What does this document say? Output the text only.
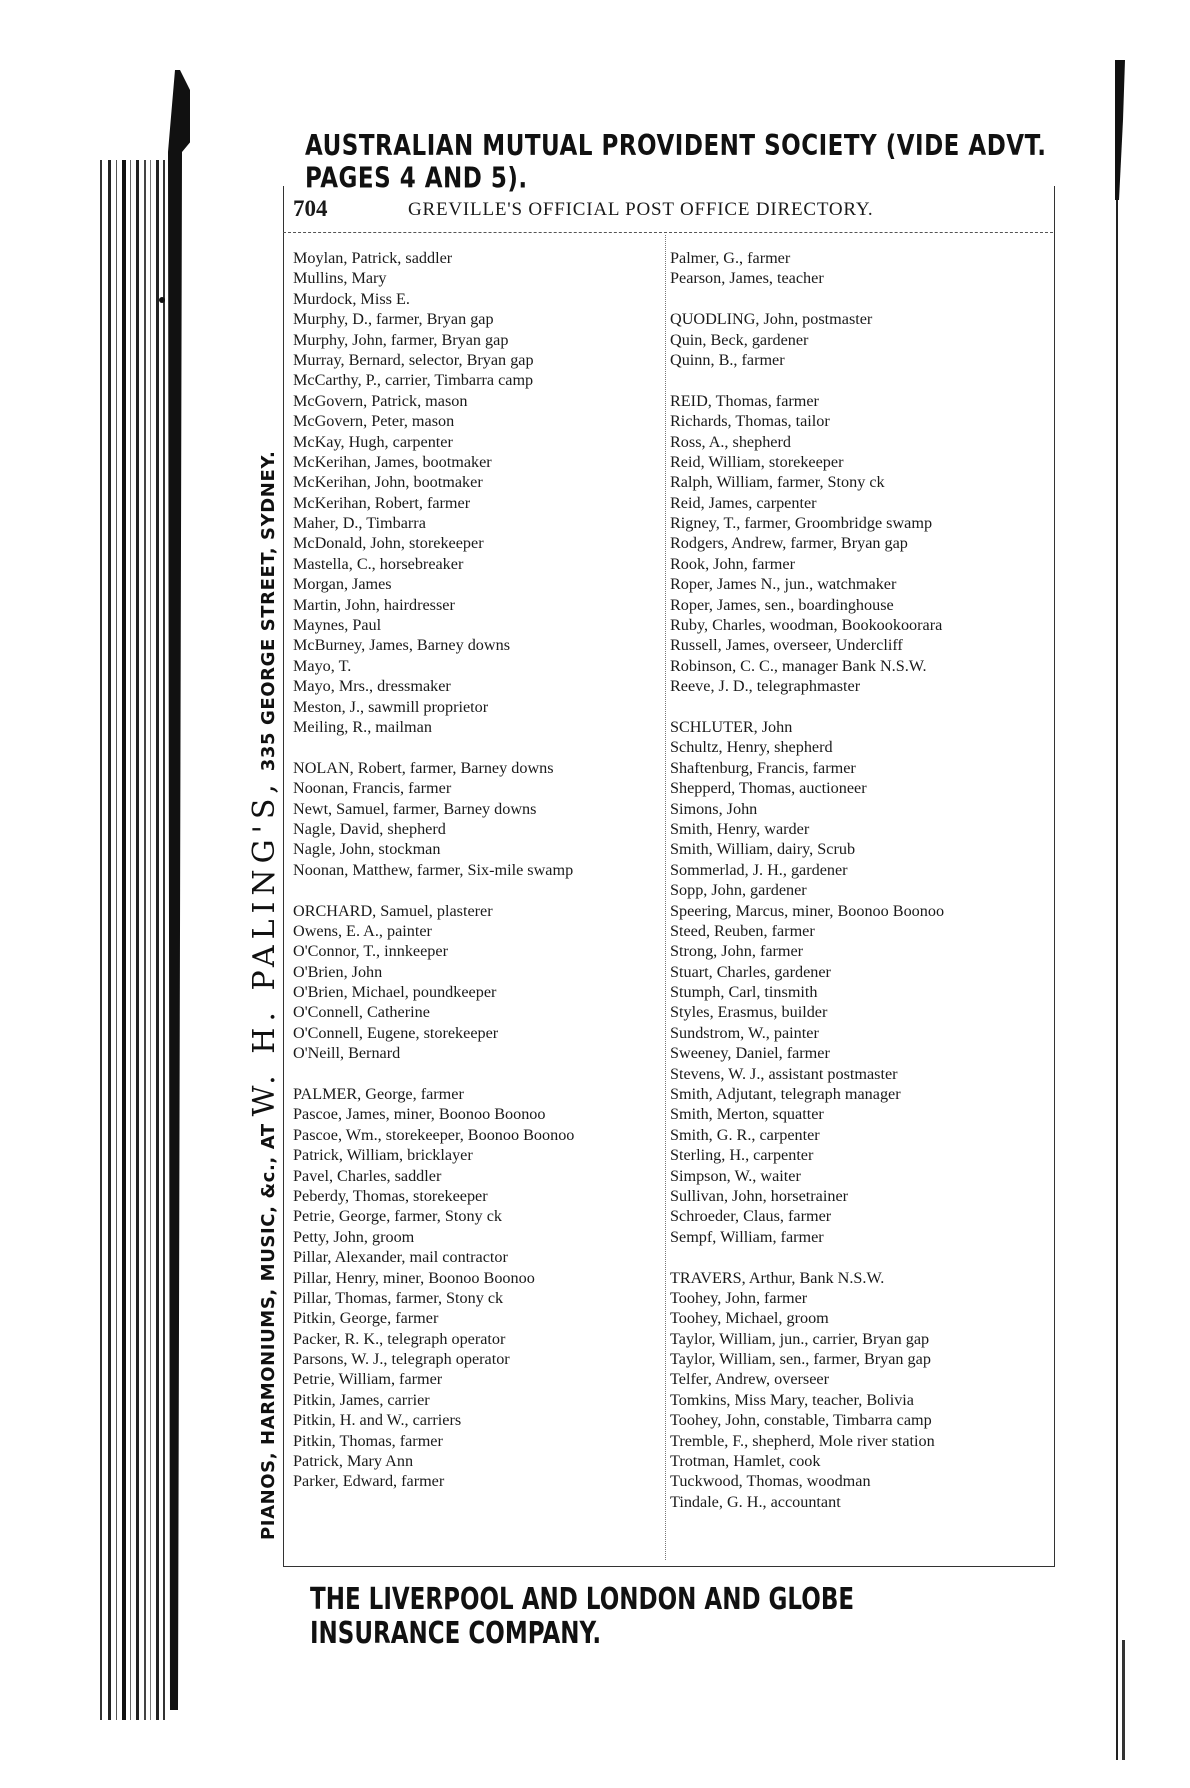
AUSTRALIAN MUTUAL PROVIDENT SOCIETY (VIDE ADVT. PAGES 4 AND 5).
PIANOS, HARMONIUMS, MUSIC, &c., AT W. H. PALING'S, 335 GEORGE STREET, SYDNEY.
704	GREVILLE'S OFFICIAL POST OFFICE DIRECTORY.
Moylan, Patrick, saddler
Mullins, Mary
Murdock, Miss E.
Murphy, D., farmer, Bryan gap
Murphy, John, farmer, Bryan gap
Murray, Bernard, selector, Bryan gap
McCarthy, P., carrier, Timbarra camp
McGovern, Patrick, mason
McGovern, Peter, mason
McKay, Hugh, carpenter
McKerihan, James, bootmaker
McKerihan, John, bootmaker
McKerihan, Robert, farmer
Maher, D., Timbarra
McDonald, John, storekeeper
Mastella, C., horsebreaker
Morgan, James
Martin, John, hairdresser
Maynes, Paul
McBurney, James, Barney downs
Mayo, T.
Mayo, Mrs., dressmaker
Meston, J., sawmill proprietor
Meiling, R., mailman
NOLAN, Robert, farmer, Barney downs
Noonan, Francis, farmer
Newt, Samuel, farmer, Barney downs
Nagle, David, shepherd
Nagle, John, stockman
Noonan, Matthew, farmer, Six-mile swamp
ORCHARD, Samuel, plasterer
Owens, E. A., painter
O'Connor, T., innkeeper
O'Brien, John
O'Brien, Michael, poundkeeper
O'Connell, Catherine
O'Connell, Eugene, storekeeper
O'Neill, Bernard
PALMER, George, farmer
Pascoe, James, miner, Boonoo Boonoo
Pascoe, Wm., storekeeper, Boonoo Boonoo
Patrick, William, bricklayer
Pavel, Charles, saddler
Peberdy, Thomas, storekeeper
Petrie, George, farmer, Stony ck
Petty, John, groom
Pillar, Alexander, mail contractor
Pillar, Henry, miner, Boonoo Boonoo
Pillar, Thomas, farmer, Stony ck
Pitkin, George, farmer
Packer, R. K., telegraph operator
Parsons, W. J., telegraph operator
Petrie, William, farmer
Pitkin, James, carrier
Pitkin, H. and W., carriers
Pitkin, Thomas, farmer
Patrick, Mary Ann
Parker, Edward, farmer
Palmer, G., farmer
Pearson, James, teacher
QUODLING, John, postmaster
Quin, Beck, gardener
Quinn, B., farmer
REID, Thomas, farmer
Richards, Thomas, tailor
Ross, A., shepherd
Reid, William, storekeeper
Ralph, William, farmer, Stony ck
Reid, James, carpenter
Rigney, T., farmer, Groombridge swamp
Rodgers, Andrew, farmer, Bryan gap
Rook, John, farmer
Roper, James N., jun., watchmaker
Roper, James, sen., boardinghouse
Ruby, Charles, woodman, Bookookoorara
Russell, James, overseer, Undercliff
Robinson, C. C., manager Bank N.S.W.
Reeve, J. D., telegraphmaster
SCHLUTER, John
Schultz, Henry, shepherd
Shaftenburg, Francis, farmer
Shepperd, Thomas, auctioneer
Simons, John
Smith, Henry, warder
Smith, William, dairy, Scrub
Sommerlad, J. H., gardener
Sopp, John, gardener
Speering, Marcus, miner, Boonoo Boonoo
Steed, Reuben, farmer
Strong, John, farmer
Stuart, Charles, gardener
Stumph, Carl, tinsmith
Styles, Erasmus, builder
Sundstrom, W., painter
Sweeney, Daniel, farmer
Stevens, W. J., assistant postmaster
Smith, Adjutant, telegraph manager
Smith, Merton, squatter
Smith, G. R., carpenter
Sterling, H., carpenter
Simpson, W., waiter
Sullivan, John, horsetrainer
Schroeder, Claus, farmer
Sempf, William, farmer
TRAVERS, Arthur, Bank N.S.W.
Toohey, John, farmer
Toohey, Michael, groom
Taylor, William, jun., carrier, Bryan gap
Taylor, William, sen., farmer, Bryan gap
Telfer, Andrew, overseer
Tomkins, Miss Mary, teacher, Bolivia
Toohey, John, constable, Timbarra camp
Tremble, F., shepherd, Mole river station
Trotman, Hamlet, cook
Tuckwood, Thomas, woodman
Tindale, G. H., accountant
THE LIVERPOOL AND LONDON AND GLOBE INSURANCE COMPANY.
